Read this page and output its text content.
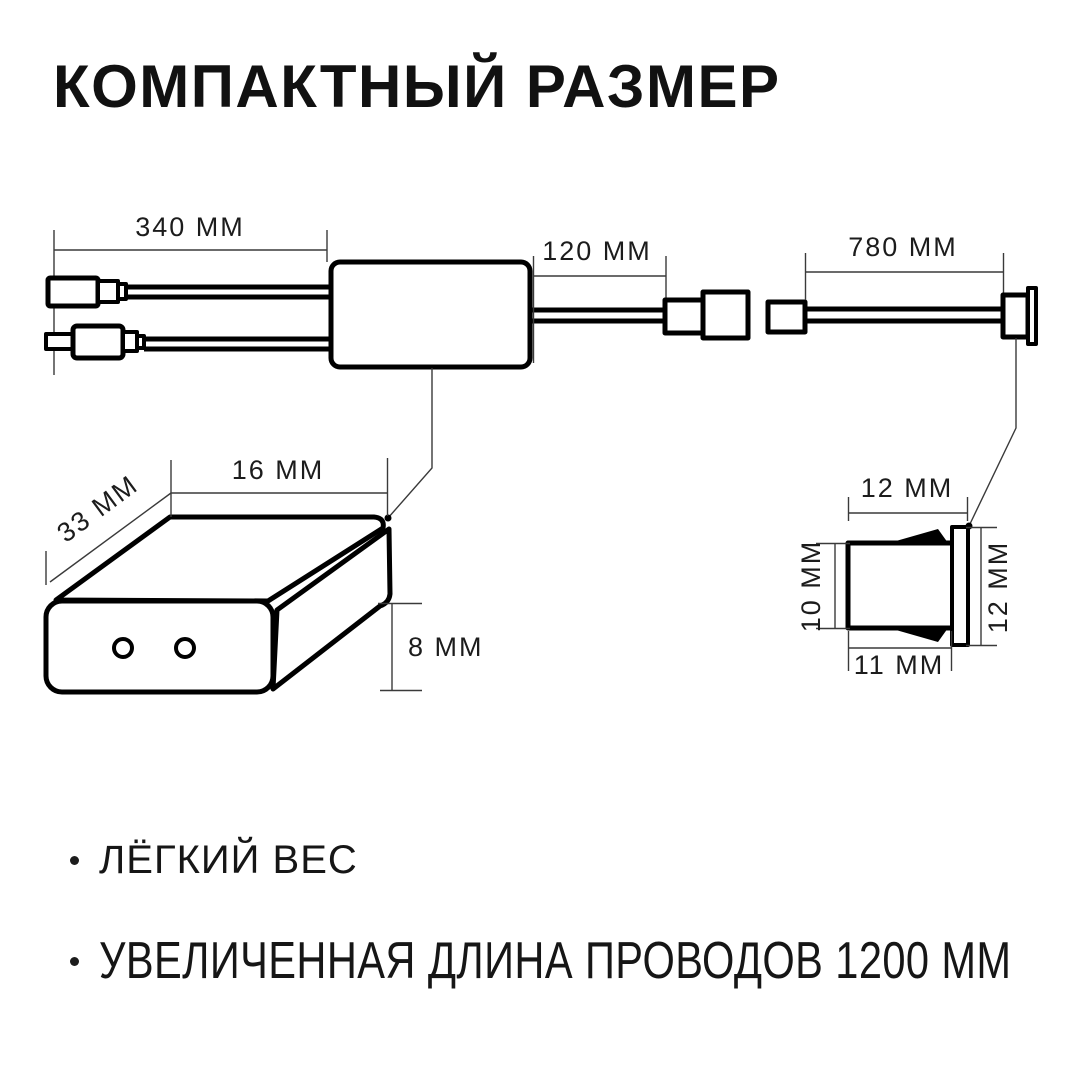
КОМПАКТНЫЙ РАЗМЕР
340 MM
120 MM	780 MM
33 MM	16 MM
8 MM
12 MM
10 MM
11 MM
12 MM
ЛЁГКИЙ ВЕС
УВЕЛИЧЕННАЯ ДЛИНА ПРОВОДОВ 1200 ММ
